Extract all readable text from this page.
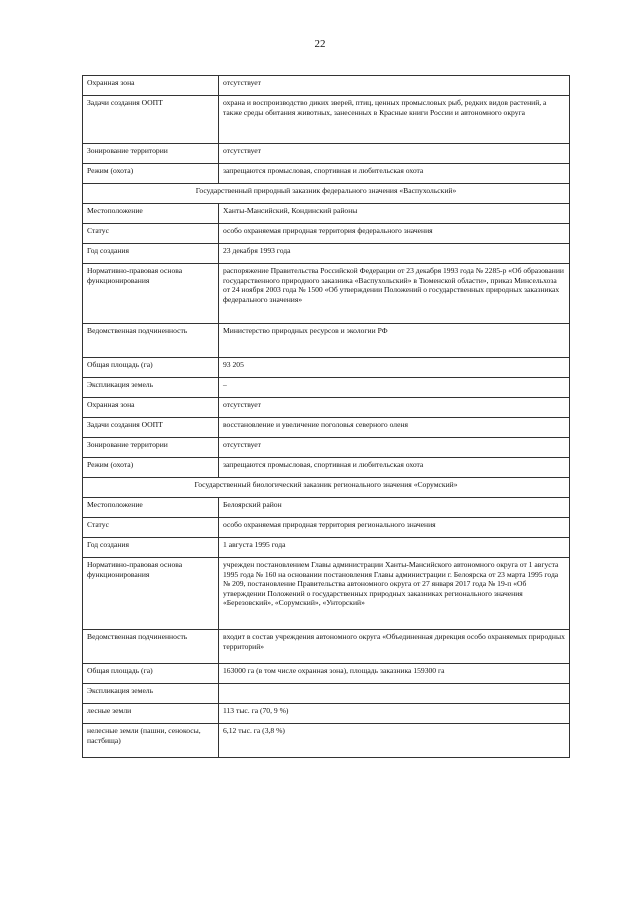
22
Охранная зона	отсутствует
Задачи создания ООПТ	охрана и воспроизводство диких зверей, птиц, ценных промысловых рыб, редких видов растений, а также среды обитания животных, занесенных в Красные книги России и автономного округа
Зонирование территории	отсутствует
Режим (охота)	запрещаются промысловая, спортивная и любительская охота
Государственный природный заказник федерального значения «Васпухольский»	
Местоположение	Ханты-Мансийский, Кондинский районы
Статус	особо охраняемая природная территория федерального значения
Год создания	23 декабря 1993 года
Нормативно-правовая основа функционирования	распоряжение Правительства Российской Федерации от 23 декабря 1993 года № 2285-р «Об образовании государственного природного заказника «Васпухольский» в Тюменской области», приказ Минсельхоза от 24 ноября 2003 года № 1500 «Об утверждении Положений о государственных природных заказниках федерального значения»
Ведомственная подчиненность	Министерство природных ресурсов и экологии РФ
Общая площадь (га)	93 205
Экспликация земель	–
Охранная зона	отсутствует
Задачи создания ООПТ	восстановление и увеличение поголовья северного оленя
Зонирование территории	отсутствует
Режим (охота)	запрещаются промысловая, спортивная и любительская охота
Государственный биологический заказник регионального значения «Сорумский»	
Местоположение	Белоярский район
Статус	особо охраняемая природная территория регионального значения
Год создания	1 августа 1995 года
Нормативно-правовая основа функционирования	учрежден постановлением Главы администрации Ханты-Мансийского автономного округа от 1 августа 1995 года № 160 на основании постановления Главы администрации г. Белоярска от 23 марта 1995 года № 209, постановление Правительства автономного округа от 27 января 2017 года № 19-п «Об утверждении Положений о государственных природных заказниках регионального значения «Березовский», «Сорумский», «Унторский»
Ведомственная подчиненность	входит в состав учреждения автономного округа «Объединенная дирекция особо охраняемых природных территорий»
Общая площадь (га)	163000 га (в том числе охранная зона), площадь заказника 159300 га
Экспликация земель	
лесные земли	113 тыс. га (70, 9 %)
нелесные земли (пашни, сенокосы, пастбища)	6,12 тыс. га (3,8 %)
